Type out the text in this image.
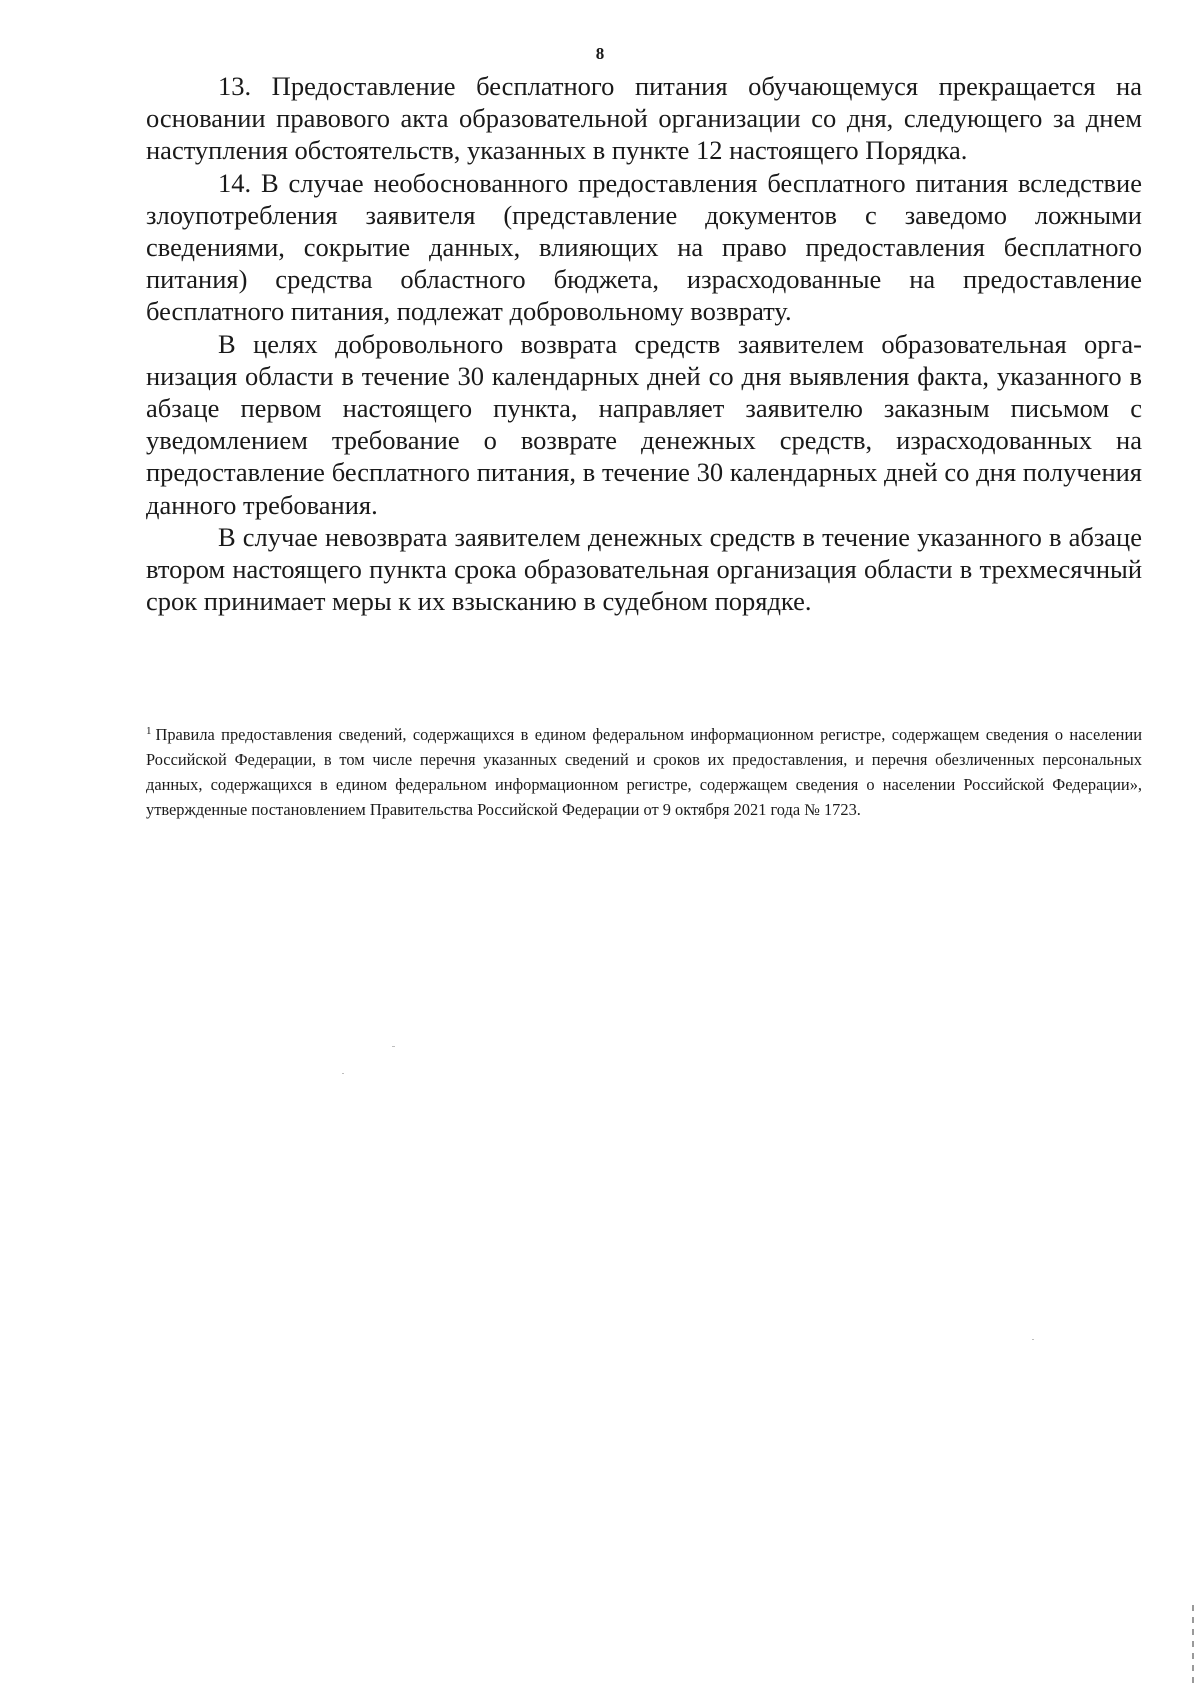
8

13. Предоставление бесплатного питания обучающемуся прекращается на основании правового акта образовательной организации со дня, следующего за днем наступления обстоятельств, указанных в пункте 12 настоящего Порядка.

14. В случае необоснованного предоставления бесплатного питания вследствие злоупотребления заявителя (представление документов с заведомо ложными сведениями, сокрытие данных, влияющих на право предоставления бесплатного питания) средства областного бюджета, израсходованные на предоставление бесплатного питания, подлежат добровольному возврату.

В целях добровольного возврата средств заявителем образовательная организация области в течение 30 календарных дней со дня выявления факта, указанного в абзаце первом настоящего пункта, направляет заявителю заказным письмом с уведомлением требование о возврате денежных средств, израсходованных на предоставление бесплатного питания, в течение 30 календарных дней со дня получения данного требования.

В случае невозврата заявителем денежных средств в течение указанного в абзаце втором настоящего пункта срока образовательная организация области в трехмесячный срок принимает меры к их взысканию в судебном порядке.

$^1$ Правила предоставления сведений, содержащихся в едином федеральном информационном регистре, содержащем сведения о населении Российской Федерации, в том числе перечня указанных сведений и сроков их предоставления, и перечня обезличенных персональных данных, содержащихся в едином федеральном информационном регистре, содержащем сведения о населении Российской Федерации», утвержденные постановлением Правительства Российской Федерации от 9 октября 2021 года № 1723.
